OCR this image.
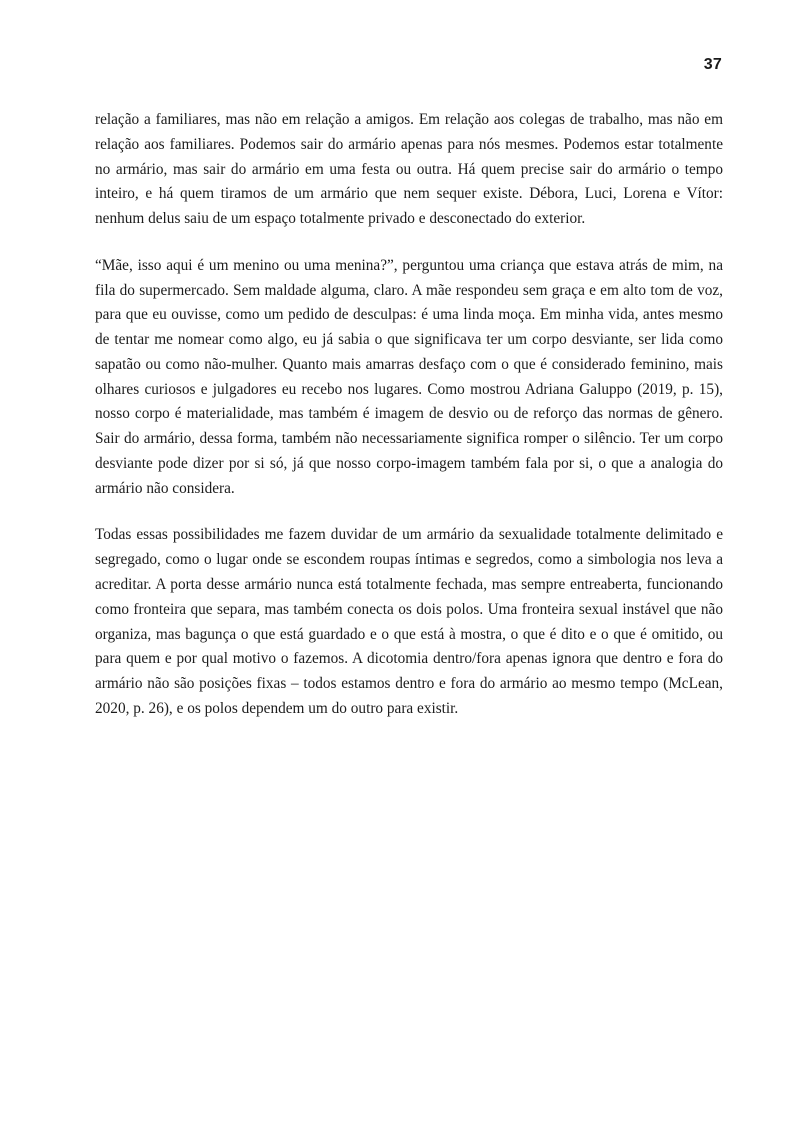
37

relação a familiares, mas não em relação a amigos. Em relação aos colegas de trabalho, mas não em relação aos familiares. Podemos sair do armário apenas para nós mesmes. Podemos estar totalmente no armário, mas sair do armário em uma festa ou outra. Há quem precise sair do armário o tempo inteiro, e há quem tiramos de um armário que nem sequer existe. Débora, Luci, Lorena e Vítor: nenhum delus saiu de um espaço totalmente privado e desconectado do exterior.

“Mãe, isso aqui é um menino ou uma menina?”, perguntou uma criança que estava atrás de mim, na fila do supermercado. Sem maldade alguma, claro. A mãe respondeu sem graça e em alto tom de voz, para que eu ouvisse, como um pedido de desculpas: é uma linda moça. Em minha vida, antes mesmo de tentar me nomear como algo, eu já sabia o que significava ter um corpo desviante, ser lida como sapatão ou como não-mulher. Quanto mais amarras desfaço com o que é considerado feminino, mais olhares curiosos e julgadores eu recebo nos lugares. Como mostrou Adriana Galuppo (2019, p. 15), nosso corpo é materialidade, mas também é imagem de desvio ou de reforço das normas de gênero. Sair do armário, dessa forma, também não necessariamente significa romper o silêncio. Ter um corpo desviante pode dizer por si só, já que nosso corpo-imagem também fala por si, o que a analogia do armário não considera.

Todas essas possibilidades me fazem duvidar de um armário da sexualidade totalmente delimitado e segregado, como o lugar onde se escondem roupas íntimas e segredos, como a simbologia nos leva a acreditar. A porta desse armário nunca está totalmente fechada, mas sempre entreaberta, funcionando como fronteira que separa, mas também conecta os dois polos. Uma fronteira sexual instável que não organiza, mas bagunça o que está guardado e o que está à mostra, o que é dito e o que é omitido, ou para quem e por qual motivo o fazemos. A dicotomia dentro/fora apenas ignora que dentro e fora do armário não são posições fixas – todos estamos dentro e fora do armário ao mesmo tempo (McLean, 2020, p. 26), e os polos dependem um do outro para existir.
